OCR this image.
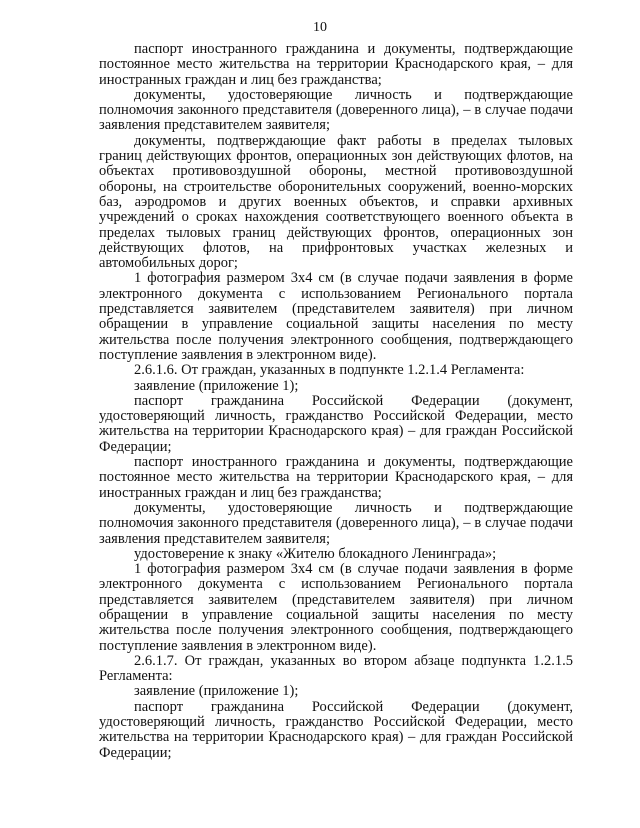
10

паспорт иностранного гражданина и документы, подтверждающие постоянное место жительства на территории Краснодарского края, – для иностранных граждан и лиц без гражданства;

документы, удостоверяющие личность и подтверждающие полномочия законного представителя (доверенного лица), – в случае подачи заявления представителем заявителя;

документы, подтверждающие факт работы в пределах тыловых границ действующих фронтов, операционных зон действующих флотов, на объектах противовоздушной обороны, местной противовоздушной обороны, на строительстве оборонительных сооружений, военно-морских баз, аэродромов и других военных объектов, и справки архивных учреждений о сроках нахождения соответствующего военного объекта в пределах тыловых границ действующих фронтов, операционных зон действующих флотов, на прифронтовых участках железных и автомобильных дорог;

1 фотография размером 3х4 см (в случае подачи заявления в форме электронного документа с использованием Регионального портала представляется заявителем (представителем заявителя) при личном обращении в управление социальной защиты населения по месту жительства после получения электронного сообщения, подтверждающего поступление заявления в электронном виде).

2.6.1.6. От граждан, указанных в подпункте 1.2.1.4 Регламента:

заявление (приложение 1);

паспорт гражданина Российской Федерации (документ, удостоверяющий личность, гражданство Российской Федерации, место жительства на территории Краснодарского края) – для граждан Российской Федерации;

паспорт иностранного гражданина и документы, подтверждающие постоянное место жительства на территории Краснодарского края, – для иностранных граждан и лиц без гражданства;

документы, удостоверяющие личность и подтверждающие полномочия законного представителя (доверенного лица), – в случае подачи заявления представителем заявителя;

удостоверение к знаку «Жителю блокадного Ленинграда»;

1 фотография размером 3х4 см (в случае подачи заявления в форме электронного документа с использованием Регионального портала представляется заявителем (представителем заявителя) при личном обращении в управление социальной защиты населения по месту жительства после получения электронного сообщения, подтверждающего поступление заявления в электронном виде).

2.6.1.7. От граждан, указанных во втором абзаце подпункта 1.2.1.5 Регламента:

заявление (приложение 1);

паспорт гражданина Российской Федерации (документ, удостоверяющий личность, гражданство Российской Федерации, место жительства на территории Краснодарского края) – для граждан Российской Федерации;
